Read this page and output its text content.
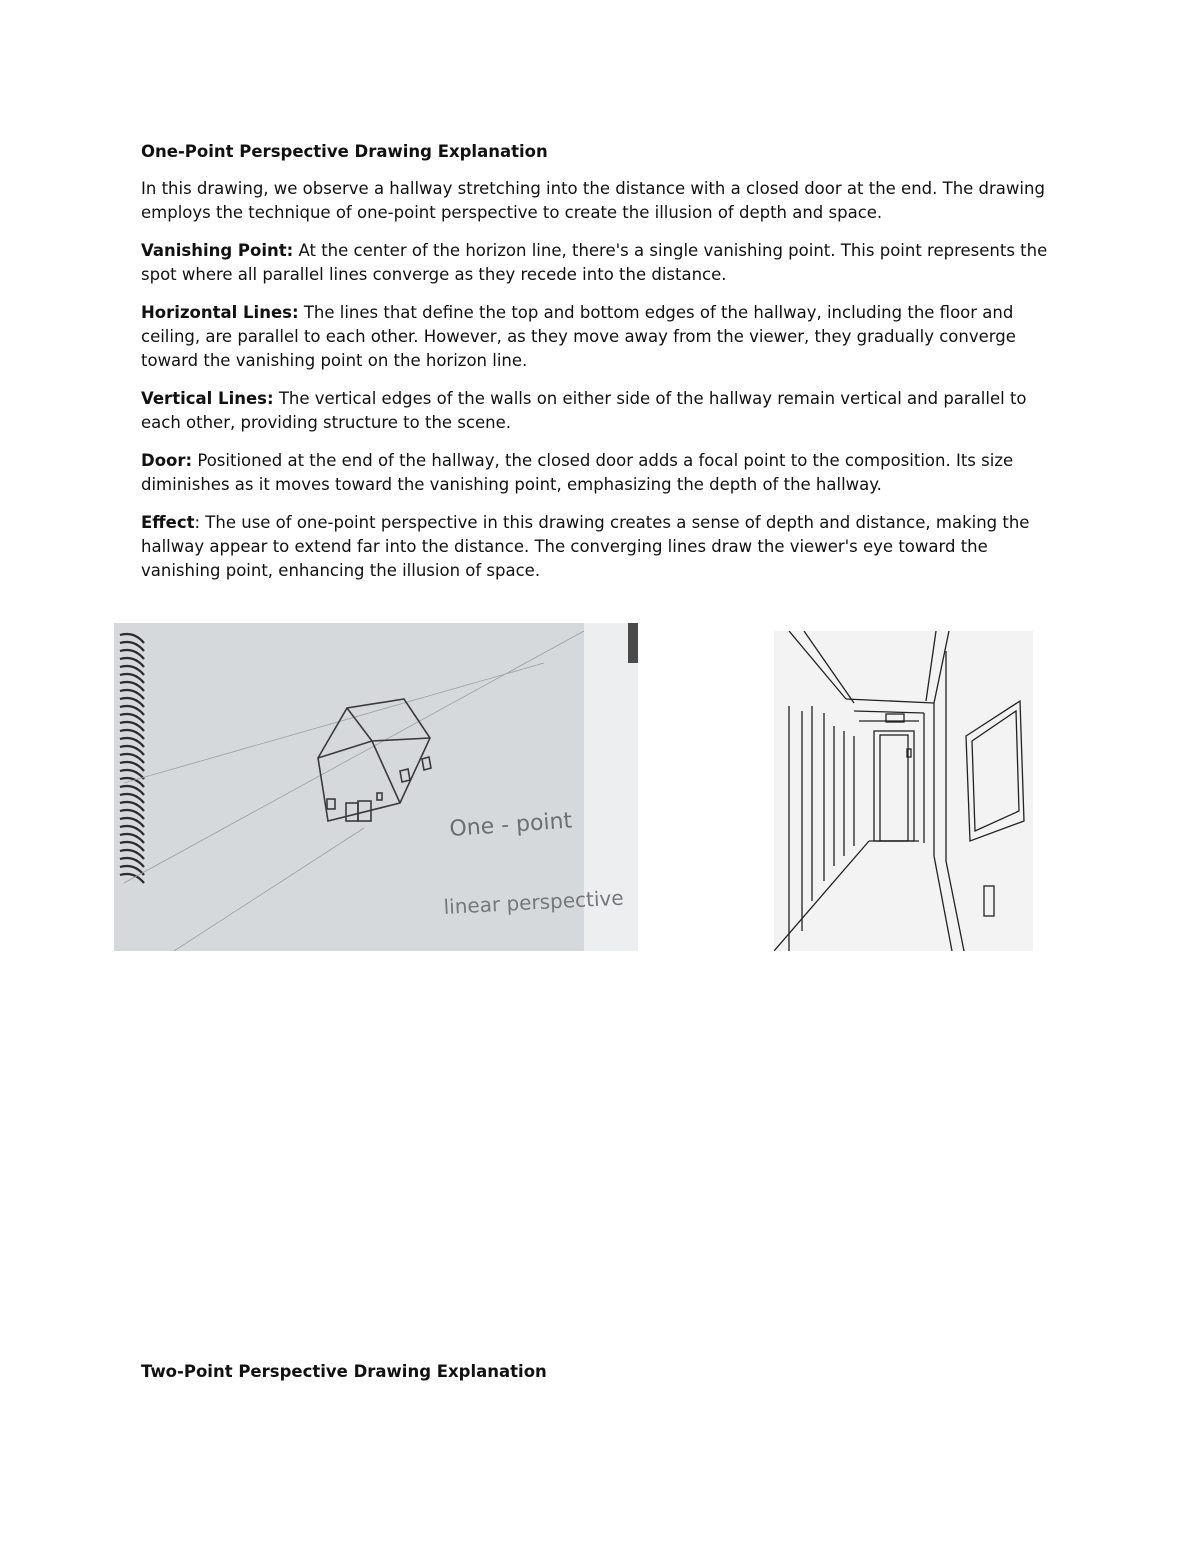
One-Point Perspective Drawing Explanation

In this drawing, we observe a hallway stretching into the distance with a closed door at the end. The drawing employs the technique of one-point perspective to create the illusion of depth and space.

Vanishing Point: At the center of the horizon line, there's a single vanishing point. This point represents the spot where all parallel lines converge as they recede into the distance.

Horizontal Lines: The lines that define the top and bottom edges of the hallway, including the floor and ceiling, are parallel to each other. However, as they move away from the viewer, they gradually converge toward the vanishing point on the horizon line.

Vertical Lines: The vertical edges of the walls on either side of the hallway remain vertical and parallel to each other, providing structure to the scene.

Door: Positioned at the end of the hallway, the closed door adds a focal point to the composition. Its size diminishes as it moves toward the vanishing point, emphasizing the depth of the hallway.

Effect: The use of one-point perspective in this drawing creates a sense of depth and distance, making the hallway appear to extend far into the distance. The converging lines draw the viewer's eye toward the vanishing point, enhancing the illusion of space.

One - point
linear perspective
Two-Point Perspective Drawing Explanation
